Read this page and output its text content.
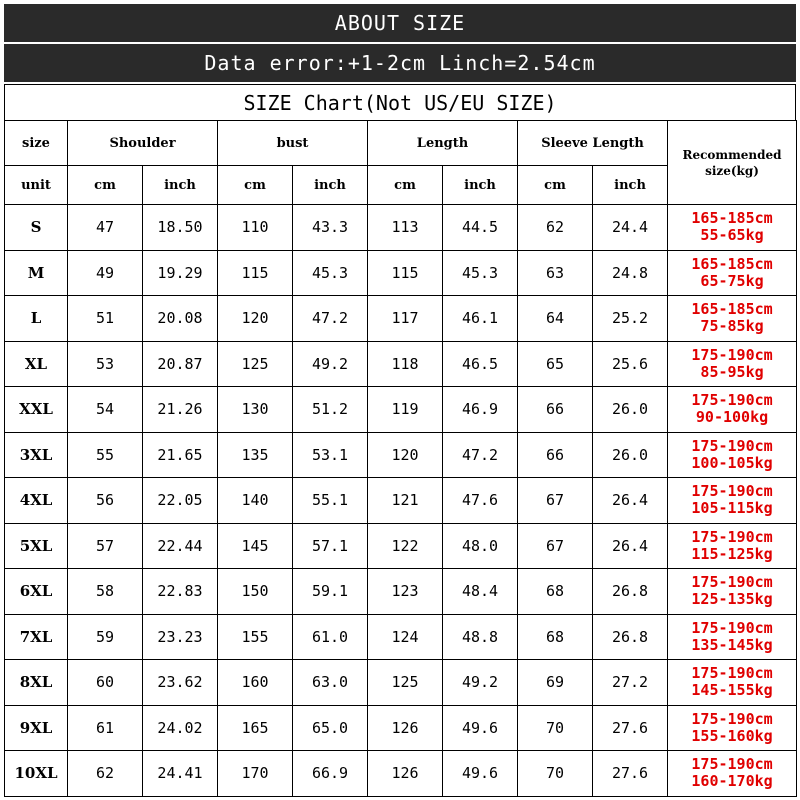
ABOUT SIZE
Data error:+1-2cm Linch=2.54cm
SIZE Chart(Not US/EU SIZE)
size	Shoulder		bust		Length		Sleeve Length		Recommended size(kg)
unit	cm	inch	cm	inch	cm	inch	cm	inch	
S	47	18.50	110	43.3	113	44.5	62	24.4	165-185cm
55-65kg

M	49	19.29	115	45.3	115	45.3	63	24.8	165-185cm
65-75kg

L	51	20.08	120	47.2	117	46.1	64	25.2	165-185cm
75-85kg

XL	53	20.87	125	49.2	118	46.5	65	25.6	175-190cm
85-95kg

XXL	54	21.26	130	51.2	119	46.9	66	26.0	175-190cm
90-100kg

3XL	55	21.65	135	53.1	120	47.2	66	26.0	175-190cm
100-105kg

4XL	56	22.05	140	55.1	121	47.6	67	26.4	175-190cm
105-115kg

5XL	57	22.44	145	57.1	122	48.0	67	26.4	175-190cm
115-125kg

6XL	58	22.83	150	59.1	123	48.4	68	26.8	175-190cm
125-135kg

7XL	59	23.23	155	61.0	124	48.8	68	26.8	175-190cm
135-145kg

8XL	60	23.62	160	63.0	125	49.2	69	27.2	175-190cm
145-155kg

9XL	61	24.02	165	65.0	126	49.6	70	27.6	175-190cm
155-160kg

10XL	62	24.41	170	66.9	126	49.6	70	27.6	175-190cm
160-170kg
